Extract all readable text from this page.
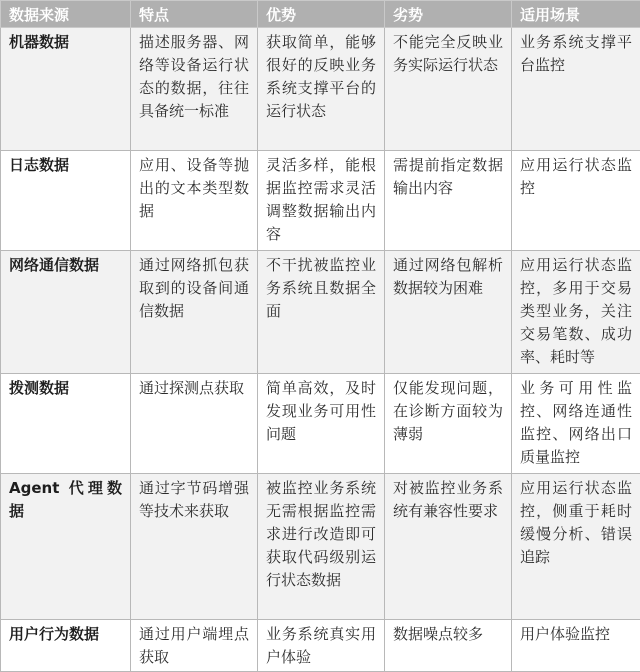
数据来源	特点	优势	劣势	适用场景
机器数据	描述服务器、网络等设备运行状态的数据，往往具备统一标准	获取简单，能够很好的反映业务系统支撑平台的运行状态	不能完全反映业务实际运行状态	业务系统支撑平台监控
日志数据	应用、设备等抛出的文本类型数据	灵活多样，能根据监控需求灵活调整数据输出内容	需提前指定数据输出内容	应用运行状态监控
网络通信数据	通过网络抓包获取到的设备间通信数据	不干扰被监控业务系统且数据全面	通过网络包解析数据较为困难	应用运行状态监控，多用于交易类型业务，关注交易笔数、成功率、耗时等
拨测数据	通过探测点获取	简单高效，及时发现业务可用性问题	仅能发现问题，在诊断方面较为薄弱	业务可用性监控、网络连通性监控、网络出口质量监控
Agent 代理数据	通过字节码增强等技术来获取	被监控业务系统无需根据监控需求进行改造即可获取代码级别运行状态数据	对被监控业务系统有兼容性要求	应用运行状态监控，侧重于耗时缓慢分析、错误追踪
用户行为数据	通过用户端埋点获取	业务系统真实用户体验	数据噪点较多	用户体验监控
